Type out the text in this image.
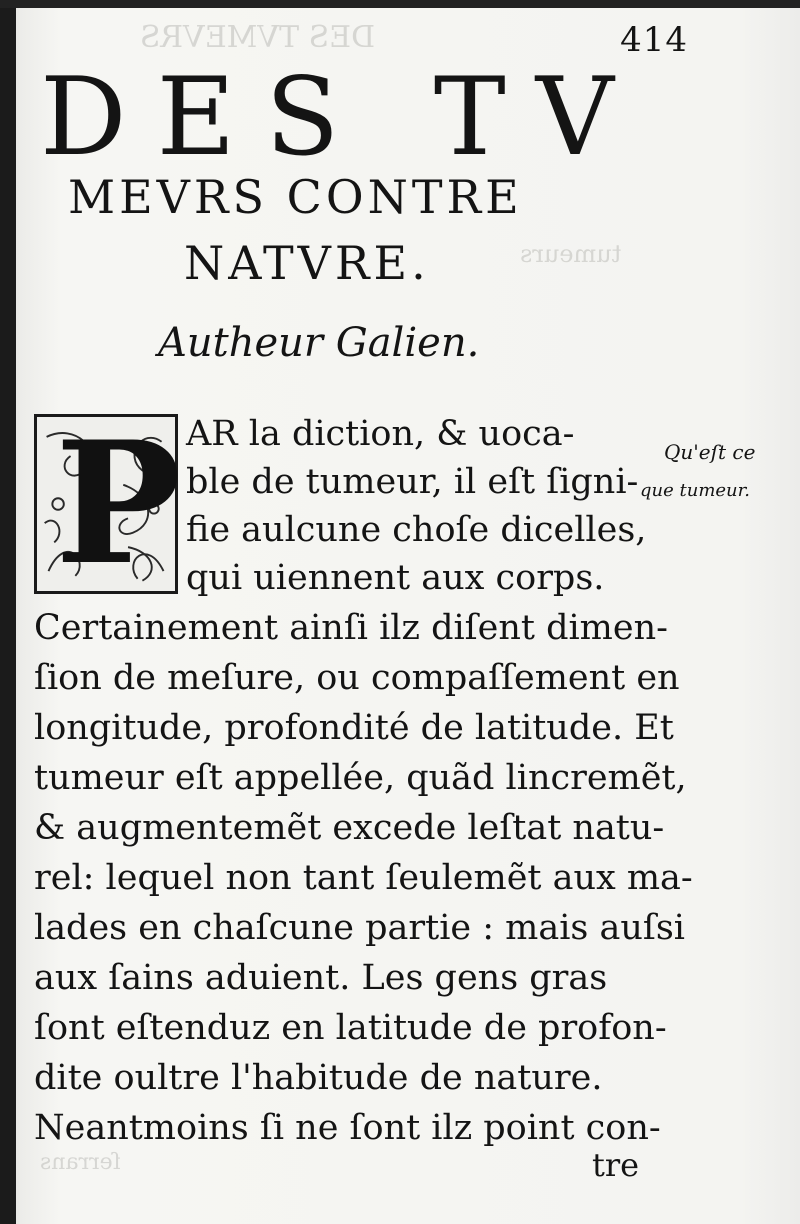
DES TVMEVRS
tumeurs
ſerrans
414
DES TV
MEVRS CONTRE
NATVRE.
Autheur Galien.
P AR la diction, & uoca-
ble de tumeur, il eſt ſigni-
fie aulcune choſe dicelles,
qui uiennent aux corps.
Qu'eſt ce
que tumeur.
Certainement ainſi ilz diſent dimen-
ſion de meſure, ou compaſſement en
longitude, profondité de latitude. Et
tumeur eſt appellée, quãd lincremẽt,
& augmentemẽt excede leſtat natu-
rel: lequel non tant ſeulemẽt aux ma-
lades en chaſcune partie : mais auſsi
aux ſains aduient. Les gens gras
ſont eſtenduz en latitude de profon-
dite oultre l'habitude de nature.
Neantmoins ſi ne ſont ilz point con-
tre
